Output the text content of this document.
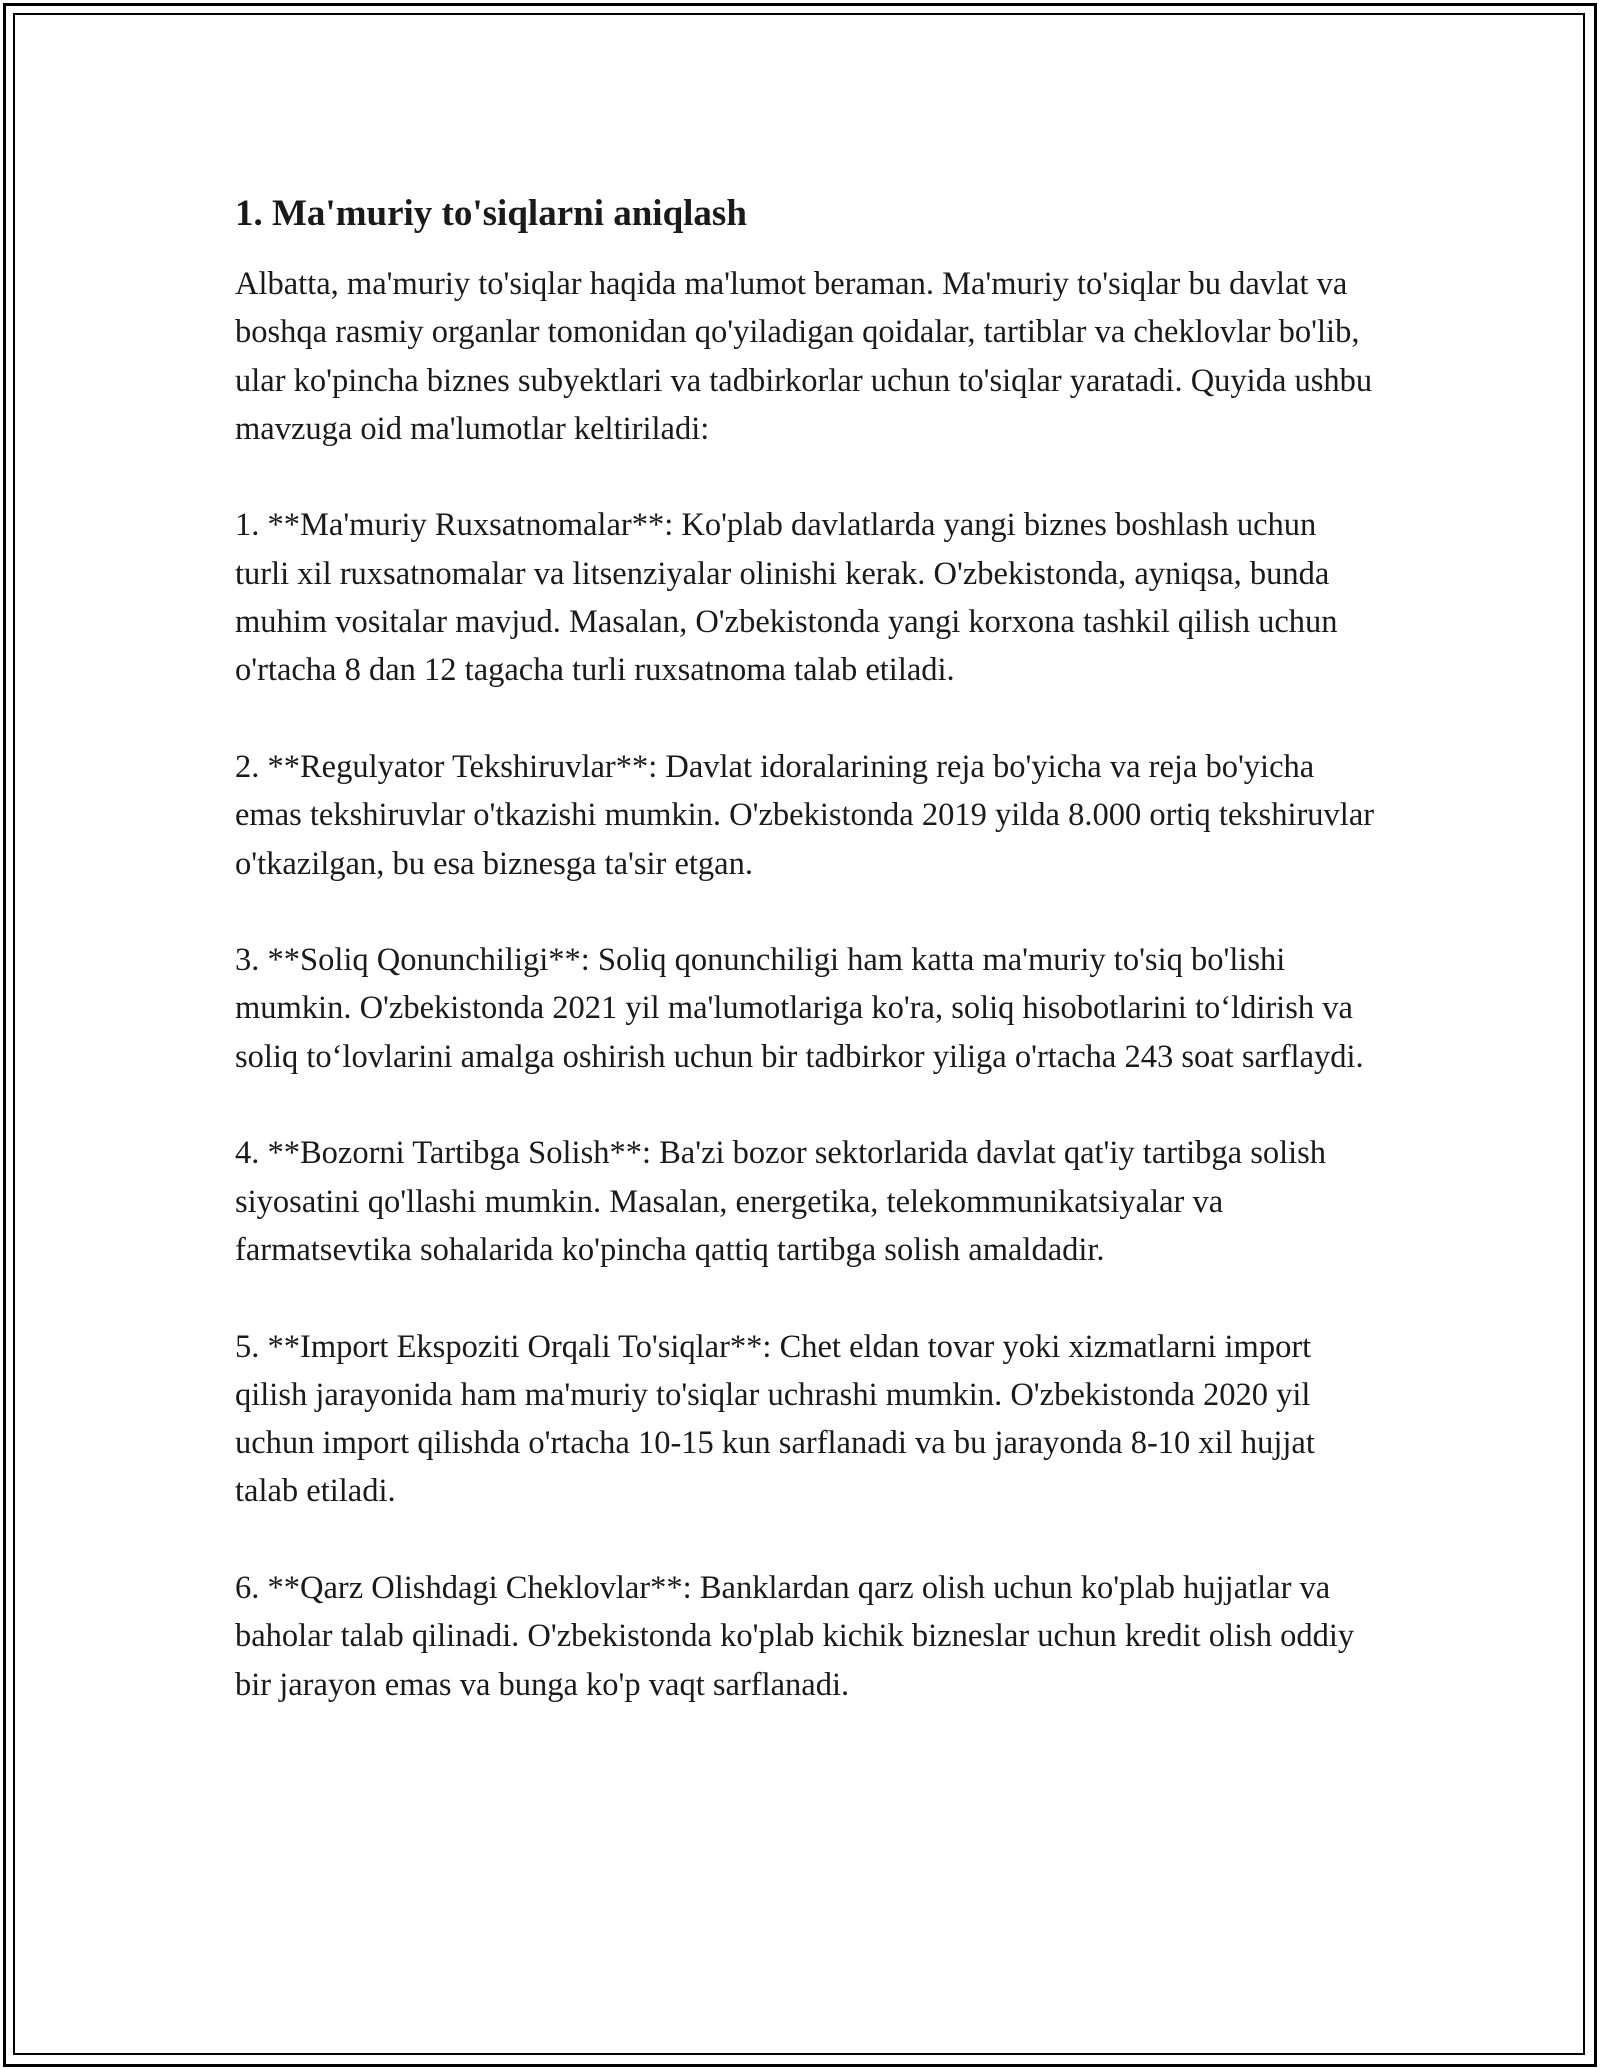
1. Ma'muriy to'siqlarni aniqlash

Albatta, ma'muriy to'siqlar haqida ma'lumot beraman. Ma'muriy to'siqlar bu davlat va boshqa rasmiy organlar tomonidan qo'yiladigan qoidalar, tartiblar va cheklovlar bo'lib, ular ko'pincha biznes subyektlari va tadbirkorlar uchun to'siqlar yaratadi. Quyida ushbu mavzuga oid ma'lumotlar keltiriladi:

1. **Ma'muriy Ruxsatnomalar**: Ko'plab davlatlarda yangi biznes boshlash uchun turli xil ruxsatnomalar va litsenziyalar olinishi kerak. O'zbekistonda, ayniqsa, bunda muhim vositalar mavjud. Masalan, O'zbekistonda yangi korxona tashkil qilish uchun o'rtacha 8 dan 12 tagacha turli ruxsatnoma talab etiladi.

2. **Regulyator Tekshiruvlar**: Davlat idoralarining reja bo'yicha va reja bo'yicha emas tekshiruvlar o'tkazishi mumkin. O'zbekistonda 2019 yilda 8.000 ortiq tekshiruvlar o'tkazilgan, bu esa biznesga ta'sir etgan.

3. **Soliq Qonunchiligi**: Soliq qonunchiligi ham katta ma'muriy to'siq bo'lishi mumkin. O'zbekistonda 2021 yil ma'lumotlariga ko'ra, soliq hisobotlarini to‘ldirish va soliq to‘lovlarini amalga oshirish uchun bir tadbirkor yiliga o'rtacha 243 soat sarflaydi.

4. **Bozorni Tartibga Solish**: Ba'zi bozor sektorlarida davlat qat'iy tartibga solish siyosatini qo'llashi mumkin. Masalan, energetika, telekommunikatsiyalar va farmatsevtika sohalarida ko'pincha qattiq tartibga solish amaldadir.

5. **Import Ekspoziti Orqali To'siqlar**: Chet eldan tovar yoki xizmatlarni import qilish jarayonida ham ma'muriy to'siqlar uchrashi mumkin. O'zbekistonda 2020 yil uchun import qilishda o'rtacha 10-15 kun sarflanadi va bu jarayonda 8-10 xil hujjat talab etiladi.

6. **Qarz Olishdagi Cheklovlar**: Banklardan qarz olish uchun ko'plab hujjatlar va baholar talab qilinadi. O'zbekistonda ko'plab kichik bizneslar uchun kredit olish oddiy bir jarayon emas va bunga ko'p vaqt sarflanadi.
